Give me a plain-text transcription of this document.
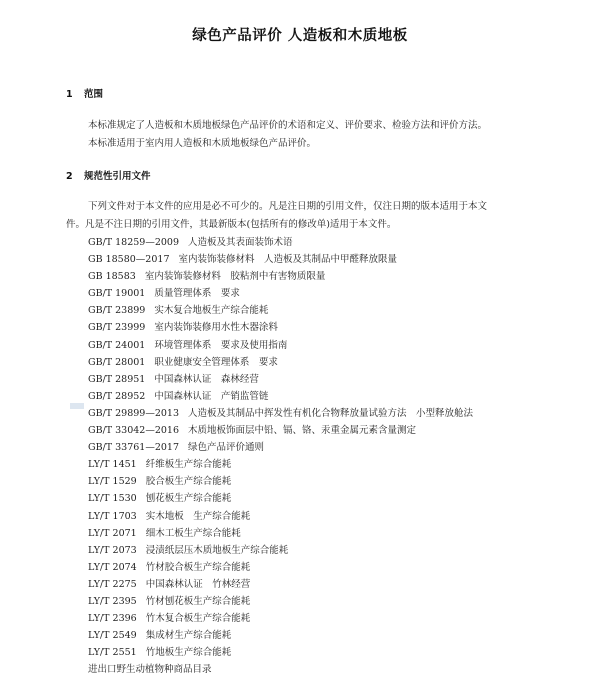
绿色产品评价 人造板和木质地板
1 范围
本标准规定了人造板和木质地板绿色产品评价的术语和定义、评价要求、检验方法和评价方法。
本标准适用于室内用人造板和木质地板绿色产品评价。
2 规范性引用文件
下列文件对于本文件的应用是必不可少的。凡是注日期的引用文件，仅注日期的版本适用于本文
件。凡是不注日期的引用文件，其最新版本(包括所有的修改单)适用于本文件。
GB/T 18259—2009 人造板及其表面装饰术语
GB 18580—2017 室内装饰装修材料　人造板及其制品中甲醛释放限量
GB 18583 室内装饰装修材料　胶粘剂中有害物质限量
GB/T 19001 质量管理体系　要求
GB/T 23899 实木复合地板生产综合能耗
GB/T 23999 室内装饰装修用水性木器涂料
GB/T 24001 环境管理体系　要求及使用指南
GB/T 28001 职业健康安全管理体系　要求
GB/T 28951 中国森林认证　森林经营
GB/T 28952 中国森林认证　产销监管链
GB/T 29899—2013 人造板及其制品中挥发性有机化合物释放量试验方法　小型释放舱法
GB/T 33042—2016 木质地板饰面层中铅、镉、铬、汞重金属元素含量测定
GB/T 33761—2017 绿色产品评价通则
LY/T 1451 纤维板生产综合能耗
LY/T 1529 胶合板生产综合能耗
LY/T 1530 刨花板生产综合能耗
LY/T 1703 实木地板　生产综合能耗
LY/T 2071 细木工板生产综合能耗
LY/T 2073 浸渍纸层压木质地板生产综合能耗
LY/T 2074 竹材胶合板生产综合能耗
LY/T 2275 中国森林认证　竹林经营
LY/T 2395 竹材刨花板生产综合能耗
LY/T 2396 竹木复合板生产综合能耗
LY/T 2549 集成材生产综合能耗
LY/T 2551 竹地板生产综合能耗
进出口野生动植物种商品目录
